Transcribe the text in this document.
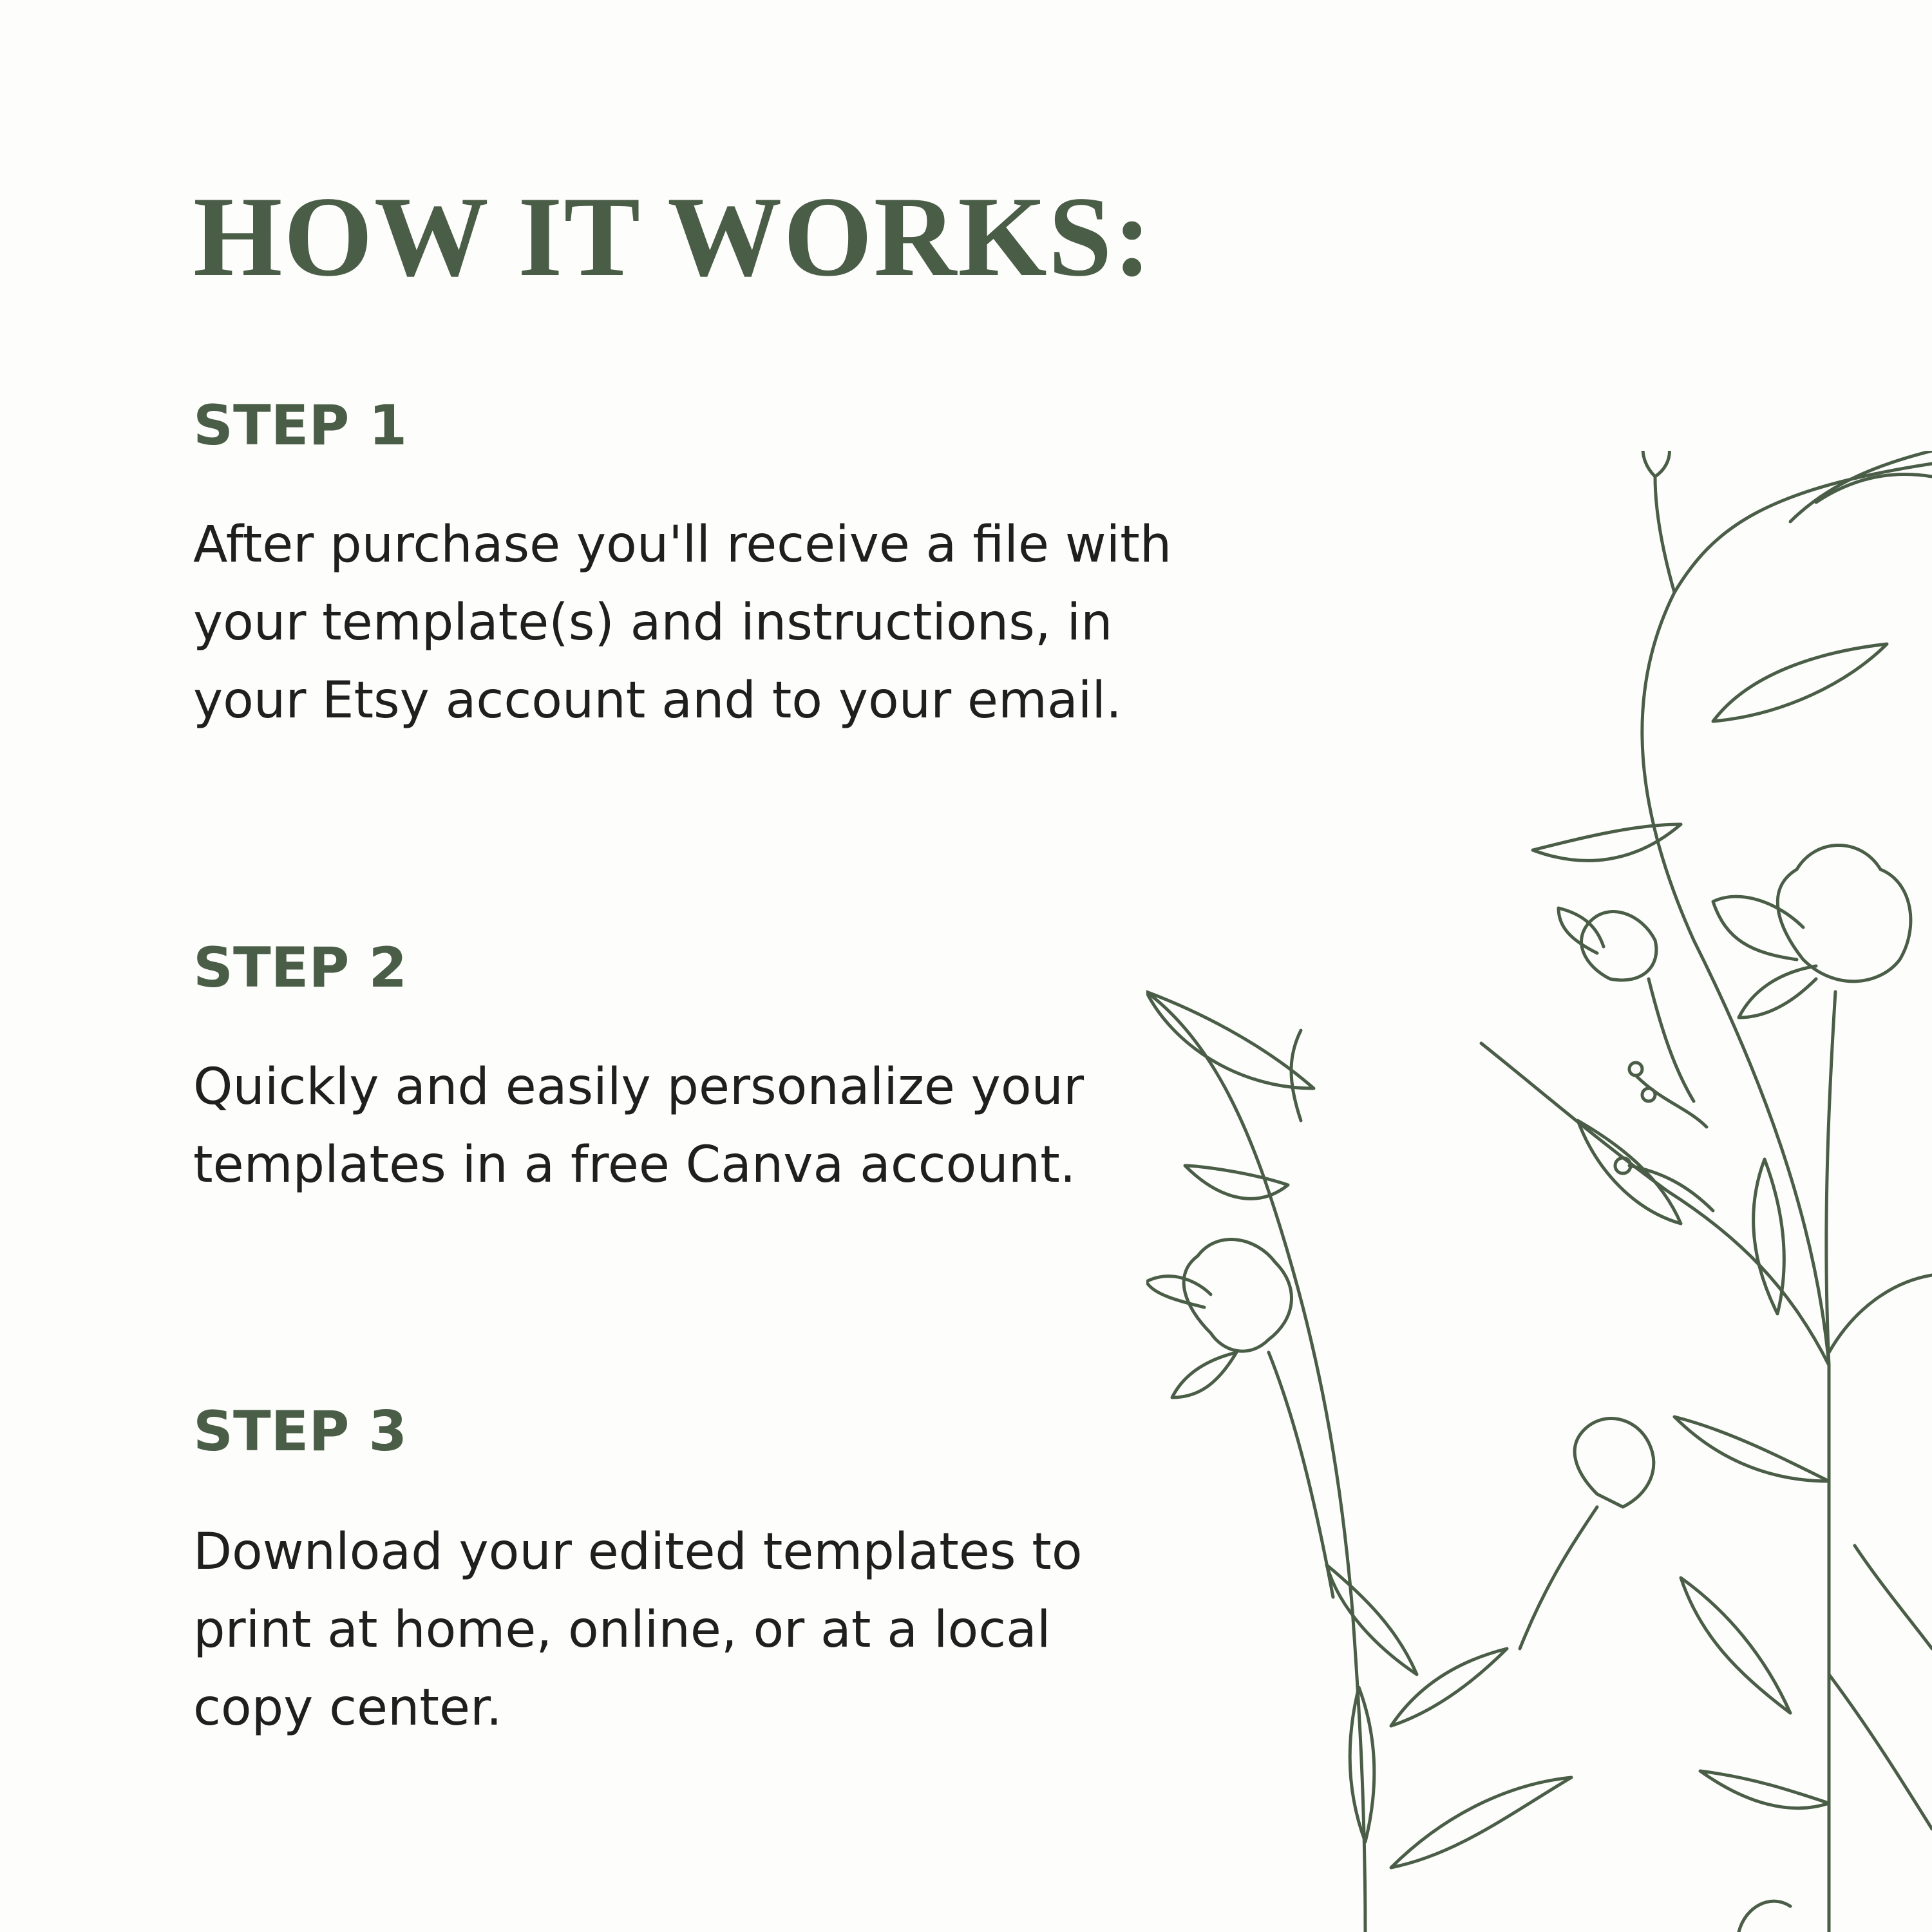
HOW IT WORKS:
STEP 1

After purchase you'll receive a file with your template(s) and instructions, in your Etsy account and to your email.

STEP 2

Quickly and easily personalize your templates in a free Canva account.

STEP 3

Download your edited templates to print at home, online, or at a local copy center.
